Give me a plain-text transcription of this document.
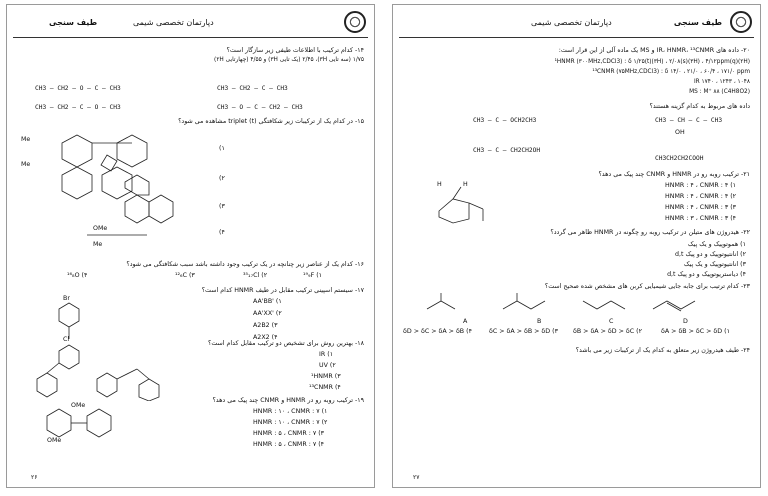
طیف سنجی	دپارتمان تخصصی شیمی
۱۴- کدام ترکیب با اطلاعات طیفی زیر سازگار است؟
۱/۷۵ (سه تایی ۳H)، ۲/۴۵ (یک تایی ۳H) و ۴/۵۵ (چهارتایی ۲H)
CH3 – CH2 – C – CH3
CH3 – CH2 – O – C – CH3
CH3 – O – C – CH2 – CH3
CH3 – CH2 – C – O – CH3
۱۵- در کدام یک از ترکیبات زیر شکافتگی (t) triplet مشاهده می شود؟
(۱
(۲
(۳
(۴
Me
Me
OMe
Me
۱۶- کدام یک از عناصر زیر چنانچه در یک ترکیب وجود داشته باشد سبب شکافتگی می شود؟
¹⁹₉F (۱
³⁵₁₇Cl (۲
¹²₆C (۳
¹⁶₈O (۴
۱۷- سیستم اسپینی ترکیب مقابل در طیف HNMR کدام است؟
AA'BB' (۱
AA'XX' (۲
A2B2 (۳
A2X2 (۴
Br
Cl
۱۸- بهترین روش برای تشخیص دو ترکیب مقابل کدام است؟
IR (۱
UV (۲
¹HNMR (۳
¹³CNMR (۴
۱۹- ترکیب روبه رو در HNMR و CNMR چند پیک می دهد؟
HNMR : ۱۰ ، CNMR : ۷ (۱
HNMR : ۱۰ ، CNMR : ۷ (۲
HNMR : ۵ ، CNMR : ۷ (۳
HNMR : ۵ ، CNMR : ۷ (۴
OMe
OMe
۲۶
طیف سنجی
دپارتمان تخصصی شیمی
۲۰- داده های IR، HNMR، ¹³CNMR و MS یک ماده آلی از این قرار است:
¹HNMR (۳۰۰MHz,CDCl3) : δ ۱/۲۵(t)(۳H) ، ۲/۰۸(s)(۳H) ، ۴/۱۲ppm(q)(۲H)
¹³CNMR (۷۵MHz,CDCl3) : δ ۱۴/۰ ، ۲۱/۰ ، ۶۰/۴ ، ۱۷۱/۰ ppm
IR ۱۷۴۰ ، ۱۲۴۳ ، ۱۰۴۸
MS : M⁺ ۸۸ (C4H8O2)
داده های مربوط به کدام گزینه هستند؟
CH3 – C – OCH2CH3	CH3 – CH – C – CH3
OH
CH3 – C – CH2CH2OH
CH3CH2CH2COOH
۲۱- ترکیب روبه رو در HNMR و CNMR چند پیک می دهد؟
H	H	HNMR : ۴ ، CNMR : ۴ (۱
HNMR : ۴ ، CNMR : ۴ (۲
HNMR : ۴ ، CNMR : ۳ (۳
HNMR : ۳ ، CNMR : ۳ (۴
۲۲- هیدروژن های متیلن در ترکیب روبه رو چگونه در HNMR ظاهر می گردد؟
۱) هموتوپیک و یک پیک
۲) انانتیوتوپیک و دو پیک d,t
۳) انانتیوتوپیک و یک پیک
۴) دیاستریوتوپیک و دو پیک d,t
۲۳- کدام ترتیب برای جابه جایی شیمیایی کربن های مشخص شده صحیح است؟
A	B	C	D
δA > δB > δC > δD (۱
δB > δA > δD > δC (۲
δC > δA > δB > δD (۳
δD > δC > δA > δB (۴
۲۴- طیف هیدروژن زیر متعلق به کدام یک از ترکیبات زیر می باشد؟
۲۷
